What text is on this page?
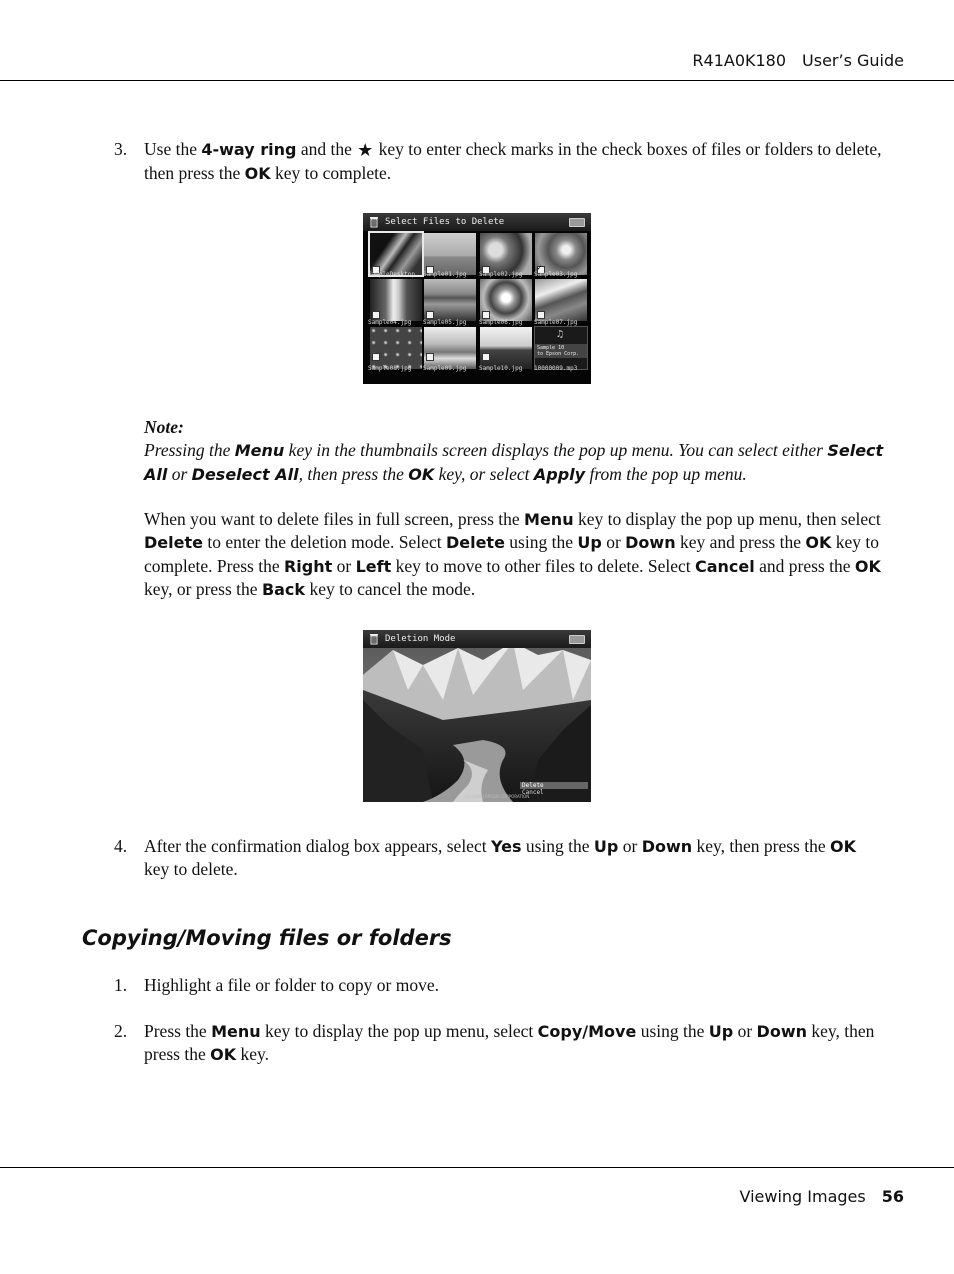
R41A0K180 User’s Guide
3. Use the 4-way ring and the ★ key to enter check marks in the check boxes of files or folders to delete, then press the OK key to complete.
Select Files to Delete
SampleDesktop Sample01.jpg Sample02.jpg
✓ Sample03.jpg
Sample04.jpg Sample05.jpg Sample06.jpg Sample07.jpg
Sample08.jpg Sample09.jpg Sample10.jpg
♫
Sample 10
to Epson Corp.
10000009.mp3
Note:
Pressing the Menu key in the thumbnails screen displays the pop up menu. You can select either Select All or Deselect All, then press the OK key, or select Apply from the pop up menu.
When you want to delete files in full screen, press the Menu key to display the pop up menu, then select Delete to enter the deletion mode. Select Delete using the Up or Down key and press the OK key to complete. Press the Right or Left key to move to other files to delete. Select Cancel and press the OK key, or press the Back key to cancel the mode.
Deletion Mode
Delete
Cancel
(C) SEIKO EPSON CORPORATION
4. After the confirmation dialog box appears, select Yes using the Up or Down key, then press the OK key to delete.
Copying/Moving files or folders
1. Highlight a file or folder to copy or move.
2. Press the Menu key to display the pop up menu, select Copy/Move using the Up or Down key, then press the OK key.
Viewing Images 56
